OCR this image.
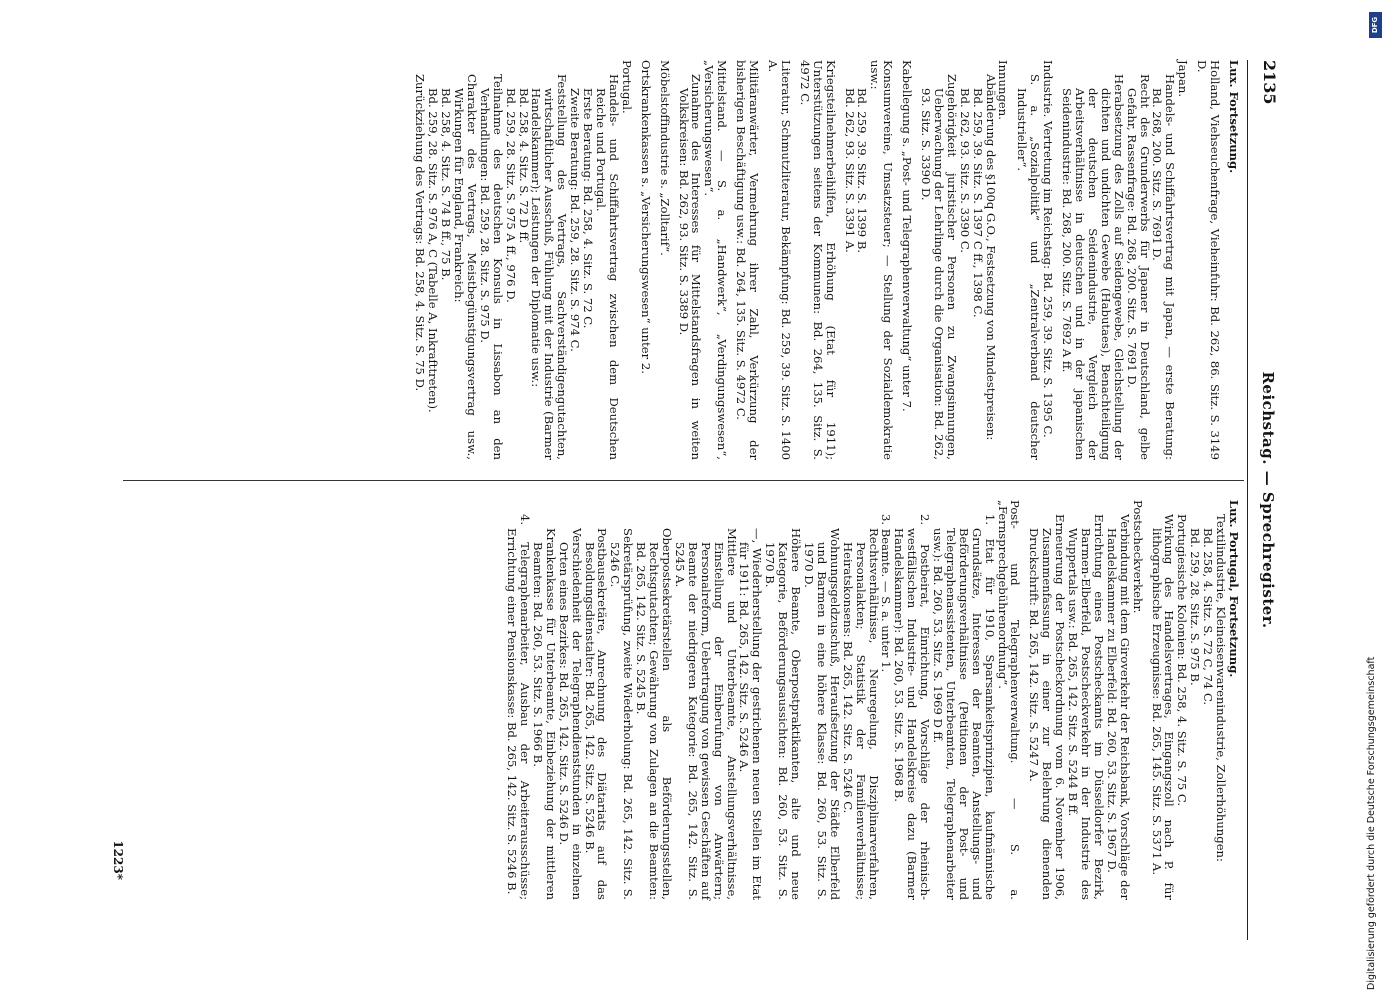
DFG
Digitalisierung gefördert durch die Deutsche Forschungsgemeinschaft
Reichstag. — Sprechregister.
2135

Lux. Fortsetzung.

Holland, Viehseuchenfrage, Vieheinfuhr: Bd. 262, 86. Sitz. S. 3149 D.

Japan.

Handels- und Schiffahrtsvertrag mit Japan, — erste Beratung: Bd. 268, 200. Sitz. S. 7691 D.

Recht des Grunderwerbs für Japaner in Deutschland, gelbe Gefahr, Rassenfrage: Bd. 268, 200. Sitz. S. 7691 D.

Herabsetzung des Zolls auf Seidengewebe, Gleichstellung der dichten und undichten Gewebe (Habutaes), Benachteiligung der deutschen Seidenindustrie, Vergleich der Arbeitsverhältnisse in deutschen und in der japanischen Seidenindustrie: Bd. 268, 200. Sitz. S. 7692 A ff.

Industrie. Vertretung im Reichstag: Bd. 259, 39. Sitz. S. 1395 C.

S. a. „Sozialpolitik“ und „Zentralverband deutscher Industrieller“.

Innungen.

Abänderung des §100q G.O., Festsetzung von Mindestpreisen:

Bd. 259, 39. Sitz. S. 1397 C ff., 1398 C.

Bd. 262, 93. Sitz. S. 3390 C.

Zugehörigkeit juristischer Personen zu Zwangsinnungen, Ueberwachung der Lehrlinge durch die Organisation: Bd. 262, 93. Sitz. S. 3390 D.

Kabellegung s. „Post- und Telegraphenverwaltung“ unter 7.

Konsumvereine, Umsatzsteuer; — Stellung der Sozialdemokratie usw.:

Bd. 259, 39. Sitz. S. 1399 B.

Bd. 262, 93. Sitz. S. 3391 A.

Kriegsteilnehmerbeihilfen, Erhöhung (Etat für 1911); Unterstützungen seitens der Kommunen: Bd. 264, 135. Sitz. S. 4972 C.

Literatur, Schmutzliteratur, Bekämpfung: Bd. 259, 39. Sitz. S. 1400 A.

Militäranwärter, Vermehrung ihrer Zahl, Verkürzung der bisherigen Beschäftigung usw.: Bd. 264, 135. Sitz. S. 4972 C.

Mittelstand. — S. a. „Handwerk“, „Verdingungswesen“, „Versicherungswesen“.

Zunahme des Interesses für Mittelstandsfragen in weiten Volkskreisen: Bd. 262, 93. Sitz. S. 3389 D.

Möbelstoffindustrie s. „Zolltarif“.

Ortskrankenkassen s. „Versicherungswesen“ unter 2.

Portugal.

Handels- und Schiffahrtsvertrag zwischen dem Deutschen Reiche und Portugal.

Erste Beratung: Bd. 258, 4. Sitz. S. 72 C.

Zweite Beratung: Bd. 259, 28. Sitz. S. 974 C.

Feststellung des Vertrags, Sachverständigengutachten, wirtschaftlicher Ausschuß, Fühlung mit der Industrie (Barmer Handelskammer); Leistungen der Diplomatie usw.:

Bd. 258, 4. Sitz. S. 72 D ff.

Bd. 259, 28. Sitz. S. 975 A ff., 976 D.

Teilnahme des deutschen Konsuls in Lissabon an den Verhandlungen: Bd. 259, 28. Sitz. S. 975 D.

Charakter des Vertrags, Meistbegünstigungsvertrag usw., Wirkungen für England, Frankreich:

Bd. 258, 4. Sitz. S. 74 B ff., 75 B.

Bd. 259, 28. Sitz. S. 976 A, C (Tabelle A, Inkrafttreten).

Zurückziehung des Vertrags: Bd. 258, 4. Sitz. S. 75 D.

Lux. Portugal, Fortsetzung.

Textilindustrie, Kleineisenwarenindustrie, Zollerhöhungen:

Bd. 258, 4. Sitz. S. 72 C, 74 C.

Bd. 259, 28. Sitz. S. 975 B.

Portugiesische Kolonien: Bd. 258, 4. Sitz. S. 75 C.

Wirkung des Handelsvertrages, Eingangszoll nach P. für lithographische Erzeugnisse: Bd. 265, 145. Sitz. S. 5371 A.

Postscheckverkehr.

Verbindung mit dem Giroverkehr der Reichsbank, Vorschläge der Handelskammer zu Elberfeld: Bd. 260, 53. Sitz. S. 1967 D.

Errichtung eines Postscheckamts im Düsseldorfer Bezirk, Barmen-Elberfeld, Postscheckverkehr in der Industrie des Wuppertals usw.: Bd. 265, 142. Sitz. S. 5244 B ff.

Erneuerung der Postscheckordnung vom 6. November 1906, Zusammenfassung in einer zur Belehrung dienenden Druckschrift: Bd. 265, 142. Sitz. S. 5247 A.

Post- und Telegraphenverwaltung. — S. a. „Fernsprechgebührenordnung“.

1. Etat für 1910, Sparsamkeitsprinzipien, kaufmännische Grundsätze, Interessen der Beamten, Anstellungs- und Beförderungsverhältnisse (Petitionen der Post- und Telegraphenassistenten, Unterbeamten, Telegraphenarbeiter usw.): Bd. 260, 53. Sitz. S. 1969 D ff.

2. Postbeirat, Einrichtung, Vorschläge der rheinisch-westfälischen Industrie- und Handelskreise dazu (Barmer Handelskammer): Bd. 260, 53. Sitz. S. 1968 B.

3. Beamte. — S. a. unter 1.

Rechtsverhältnisse, Neuregelung, Disziplinarverfahren, Personalakten; Statistik der Familienverhältnisse; Heiratskonsens: Bd. 265, 142. Sitz. S. 5246 C.

Wohnungsgeldzuschuß, Heraufsetzung der Städte Elberfeld und Barmen in eine höhere Klasse: Bd. 260, 53. Sitz. S. 1970 D.

Höhere Beamte, Oberpostpraktikanten, alte und neue Kategorie, Beförderungsaussichten: Bd. 260, 53. Sitz. S. 1970 B.

—, Wiederherstellung der gestrichenen neuen Stellen im Etat für 1911: Bd. 265, 142. Sitz. S. 5246 A.

Mittlere und Unterbeamte, Anstellungsverhältnisse, Einstellung der Einberufung von Anwärtern; Personalreform, Uebertragung von gewissen Geschäften auf Beamte der niedrigeren Kategorie: Bd. 265, 142. Sitz. S. 5245 A.

Oberpostsekretärstellen als Beförderungsstellen, Rechtsgutachten; Gewährung von Zulagen an die Beamten: Bd. 265, 142. Sitz. S. 5245 B.

Sekretärsprüfung, zweite Wiederholung: Bd. 265, 142. Sitz. S. 5246 C.

Postbausekretäre, Anrechnung des Diätariats auf das Besoldungsdienstalter: Bd. 265, 142. Sitz. S. 5246 B.

Verschiedenheit der Telegraphendienststunden in einzelnen Orten eines Bezirkes: Bd. 265, 142. Sitz. S. 5246 D.

Krankenkasse für Unterbeamte, Einbeziehung der mittleren Beamten: Bd. 260, 53. Sitz. S. 1966 B.

4. Telegraphenarbeiter, Ausbau der Arbeiterausschüsse; Errichtung einer Pensionskasse: Bd. 265, 142. Sitz. S. 5246 B.

1223*
